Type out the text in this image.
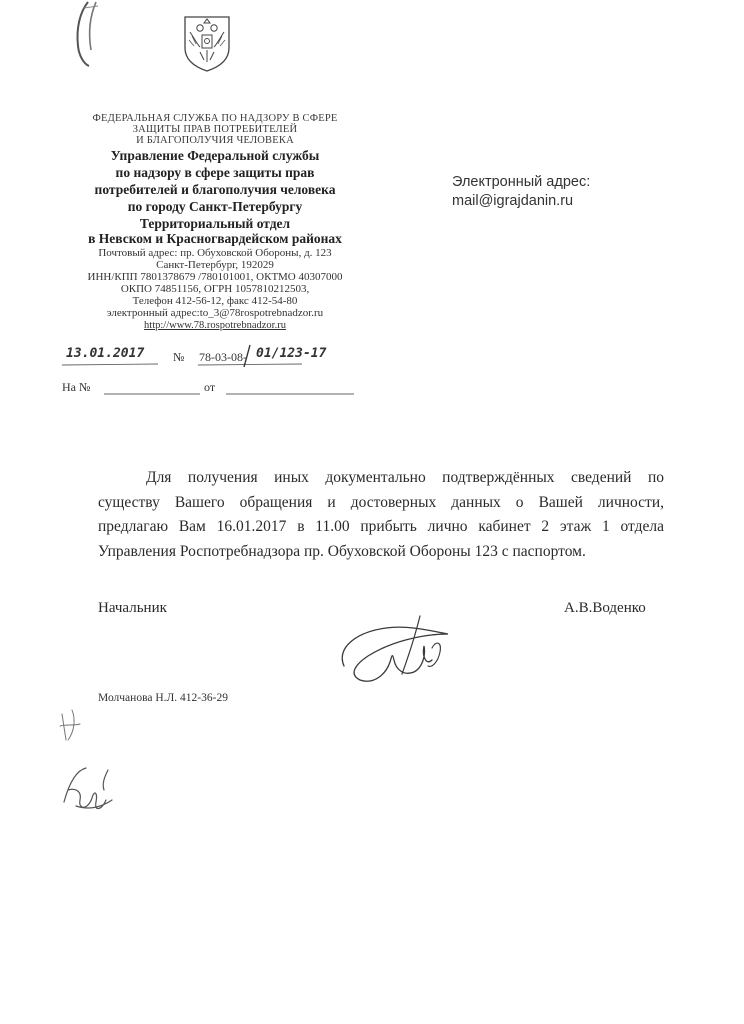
ФЕДЕРАЛЬНАЯ СЛУЖБА ПО НАДЗОРУ В СФЕРЕ
ЗАЩИТЫ ПРАВ ПОТРЕБИТЕЛЕЙ
И БЛАГОПОЛУЧИЯ ЧЕЛОВЕКА
Управление Федеральной службы
по надзору в сфере защиты прав
потребителей и благополучия человека
по городу Санкт-Петербургу
Территориальный отдел
в Невском и Красногвардейском районах
Почтовый адрес: пр. Обуховской Обороны, д. 123
Санкт-Петербург, 192029
ИНН/КПП 7801378679 /780101001, ОКТМО 40307000
ОКПО 74851156, ОГРН 1057810212503,
Телефон 412-56-12, факс 412-54-80
электронный адрес:to_3@78rospotrebnadzor.ru
http://www.78.rospotrebnadzor.ru
Электронный адрес:
mail@igrajdanin.ru
13.01.2017 № 78-03-08- 01/123-17
На №	от

Для получения иных документально подтверждённых сведений по

существу Вашего обращения и достоверных данных о Вашей личности,

предлагаю Вам 16.01.2017 в 11.00 прибыть лично кабинет 2 этаж 1 отдела

Управления Роспотребнадзора пр. Обуховской Обороны 123 с паспортом.

Начальник	А.В.Воденко
Молчанова Н.Л. 412-36-29
